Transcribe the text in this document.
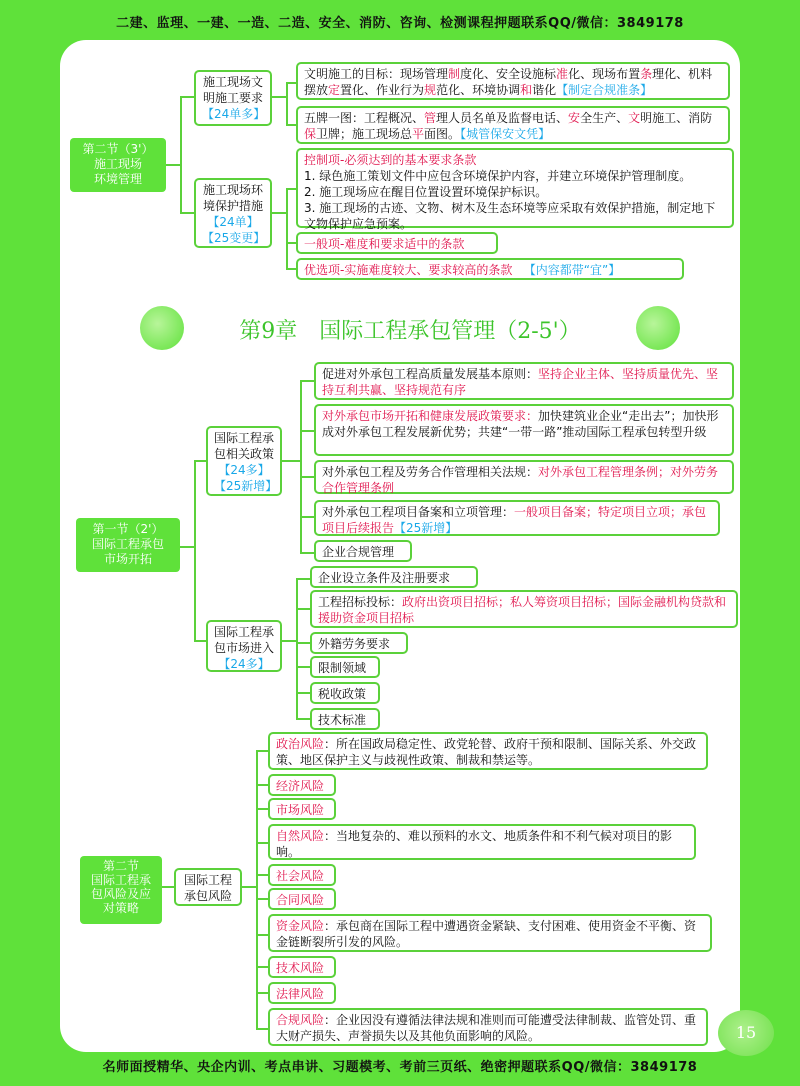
二建、监理、一建、一造、二造、安全、消防、咨询、检测课程押题联系QQ/微信：3849178
第二节（3'）
施工现场
环境管理
施工现场文明施工要求
【24单多】
文明施工的目标：现场管理制度化、安全设施标准化、现场布置条理化、机料摆放定置化、作业行为规范化、环境协调和谐化【制定合规准条】
五牌一图：工程概况、管理人员名单及监督电话、安全生产、文明施工、消防保卫牌；施工现场总平面图。【城管保安文凭】
施工现场环境保护措施
【24单】
【25变更】
控制项-必须达到的基本要求条款
1. 绿色施工策划文件中应包含环境保护内容，并建立环境保护管理制度。
2. 施工现场应在醒目位置设置环境保护标识。
3. 施工现场的古迹、文物、树木及生态环境等应采取有效保护措施，制定地下文物保护应急预案。
一般项-难度和要求适中的条款
优选项-实施难度较大、要求较高的条款 【内容都带“宜”】
第9章　国际工程承包管理（2-5'）
第一节（2'）
国际工程承包
市场开拓
国际工程承包相关政策
【24多】
【25新增】
促进对外承包工程高质量发展基本原则：坚持企业主体、坚持质量优先、坚持互利共赢、坚持规范有序
对外承包市场开拓和健康发展政策要求：加快建筑业企业“走出去”；加快形成对外承包工程发展新优势；共建“一带一路”推动国际工程承包转型升级
对外承包工程及劳务合作管理相关法规：对外承包工程管理条例；对外劳务合作管理条例
对外承包工程项目备案和立项管理：一般项目备案；特定项目立项；承包项目后续报告【25新增】
企业合规管理
国际工程承包市场进入
【24多】
企业设立条件及注册要求
工程招标投标：政府出资项目招标；私人筹资项目招标；国际金融机构贷款和援助资金项目招标
外籍劳务要求
限制领域
税收政策
技术标准
第二节
国际工程承
包风险及应
对策略
国际工程承包风险
政治风险：所在国政局稳定性、政党轮替、政府干预和限制、国际关系、外交政策、地区保护主义与歧视性政策、制裁和禁运等。
经济风险
市场风险
自然风险：当地复杂的、难以预料的水文、地质条件和不利气候对项目的影响。
社会风险
合同风险
资金风险：承包商在国际工程中遭遇资金紧缺、支付困难、使用资金不平衡、资金链断裂所引发的风险。
技术风险
法律风险
合规风险：企业因没有遵循法律法规和准则而可能遭受法律制裁、监管处罚、重大财产损失、声誉损失以及其他负面影响的风险。	15
名师面授精华、央企内训、考点串讲、习题模考、考前三页纸、绝密押题联系QQ/微信：3849178
